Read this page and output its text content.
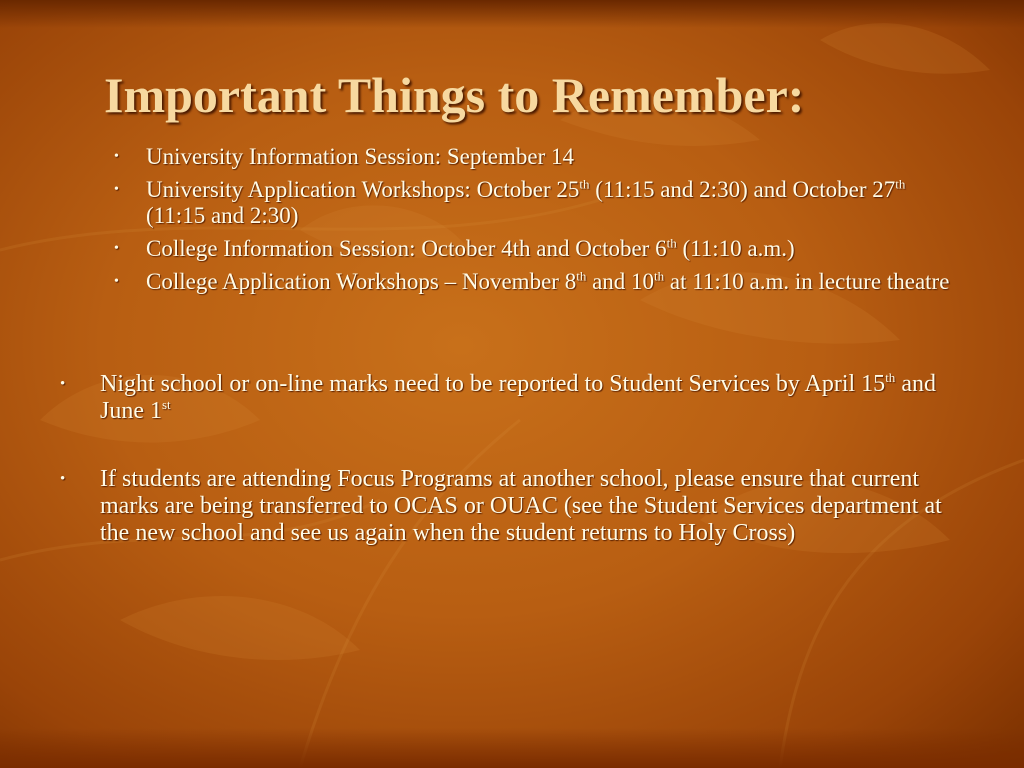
Important Things to Remember:
• University Information Session: September 14
• University Application Workshops: October 25th (11:15 and 2:30) and October 27th (11:15 and 2:30)
• College Information Session: October 4th and October 6th (11:10 a.m.)
• College Application Workshops – November 8th and 10th at 11:10 a.m. in lecture theatre
• Night school or on-line marks need to be reported to Student Services by April 15th and June 1st
• If students are attending Focus Programs at another school, please ensure that current marks are being transferred to OCAS or OUAC (see the Student Services department at the new school and see us again when the student returns to Holy Cross)
